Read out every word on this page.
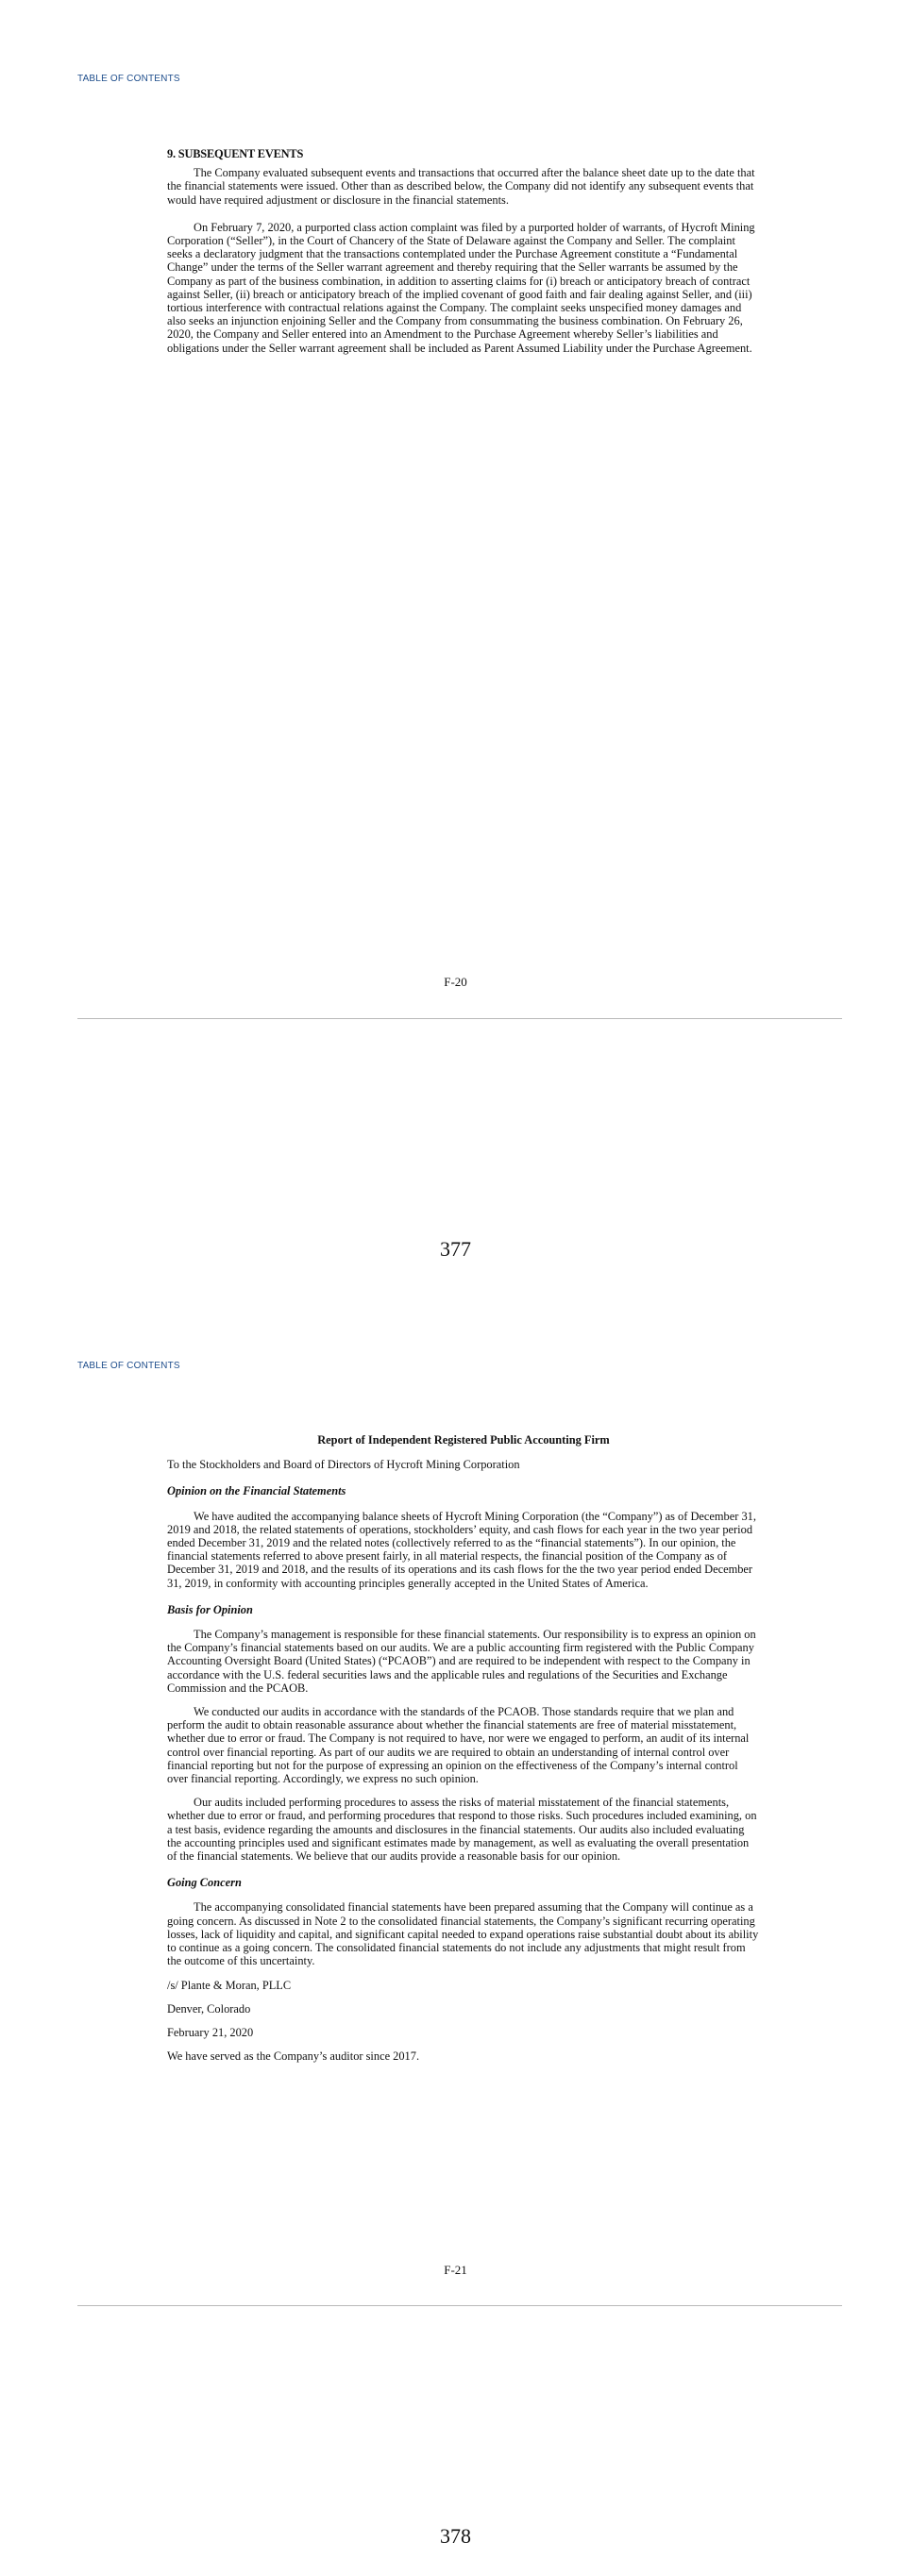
TABLE OF CONTENTS
9. SUBSEQUENT EVENTS

The Company evaluated subsequent events and transactions that occurred after the balance sheet date up to the date that the financial statements were issued. Other than as described below, the Company did not identify any subsequent events that would have required adjustment or disclosure in the financial statements.

On February 7, 2020, a purported class action complaint was filed by a purported holder of warrants, of Hycroft Mining Corporation (“Seller”), in the Court of Chancery of the State of Delaware against the Company and Seller. The complaint seeks a declaratory judgment that the transactions contemplated under the Purchase Agreement constitute a “Fundamental Change” under the terms of the Seller warrant agreement and thereby requiring that the Seller warrants be assumed by the Company as part of the business combination, in addition to asserting claims for (i) breach or anticipatory breach of contract against Seller, (ii) breach or anticipatory breach of the implied covenant of good faith and fair dealing against Seller, and (iii) tortious interference with contractual relations against the Company. The complaint seeks unspecified money damages and also seeks an injunction enjoining Seller and the Company from consummating the business combination. On February 26, 2020, the Company and Seller entered into an Amendment to the Purchase Agreement whereby Seller’s liabilities and obligations under the Seller warrant agreement shall be included as Parent Assumed Liability under the Purchase Agreement.

F-20
377
TABLE OF CONTENTS
Report of Independent Registered Public Accounting Firm

To the Stockholders and Board of Directors of Hycroft Mining Corporation

Opinion on the Financial Statements

We have audited the accompanying balance sheets of Hycroft Mining Corporation (the “Company”) as of December 31, 2019 and 2018, the related statements of operations, stockholders’ equity, and cash flows for each year in the two year period ended December 31, 2019 and the related notes (collectively referred to as the “financial statements”). In our opinion, the financial statements referred to above present fairly, in all material respects, the financial position of the Company as of December 31, 2019 and 2018, and the results of its operations and its cash flows for the the two year period ended December 31, 2019, in conformity with accounting principles generally accepted in the United States of America.

Basis for Opinion

The Company’s management is responsible for these financial statements. Our responsibility is to express an opinion on the Company’s financial statements based on our audits. We are a public accounting firm registered with the Public Company Accounting Oversight Board (United States) (“PCAOB”) and are required to be independent with respect to the Company in accordance with the U.S. federal securities laws and the applicable rules and regulations of the Securities and Exchange Commission and the PCAOB.

We conducted our audits in accordance with the standards of the PCAOB. Those standards require that we plan and perform the audit to obtain reasonable assurance about whether the financial statements are free of material misstatement, whether due to error or fraud. The Company is not required to have, nor were we engaged to perform, an audit of its internal control over financial reporting. As part of our audits we are required to obtain an understanding of internal control over financial reporting but not for the purpose of expressing an opinion on the effectiveness of the Company’s internal control over financial reporting. Accordingly, we express no such opinion.

Our audits included performing procedures to assess the risks of material misstatement of the financial statements, whether due to error or fraud, and performing procedures that respond to those risks. Such procedures included examining, on a test basis, evidence regarding the amounts and disclosures in the financial statements. Our audits also included evaluating the accounting principles used and significant estimates made by management, as well as evaluating the overall presentation of the financial statements. We believe that our audits provide a reasonable basis for our opinion.

Going Concern

The accompanying consolidated financial statements have been prepared assuming that the Company will continue as a going concern. As discussed in Note 2 to the consolidated financial statements, the Company’s significant recurring operating losses, lack of liquidity and capital, and significant capital needed to expand operations raise substantial doubt about its ability to continue as a going concern. The consolidated financial statements do not include any adjustments that might result from the outcome of this uncertainty.

/s/ Plante & Moran, PLLC

Denver, Colorado

February 21, 2020

We have served as the Company’s auditor since 2017.

F-21
378
